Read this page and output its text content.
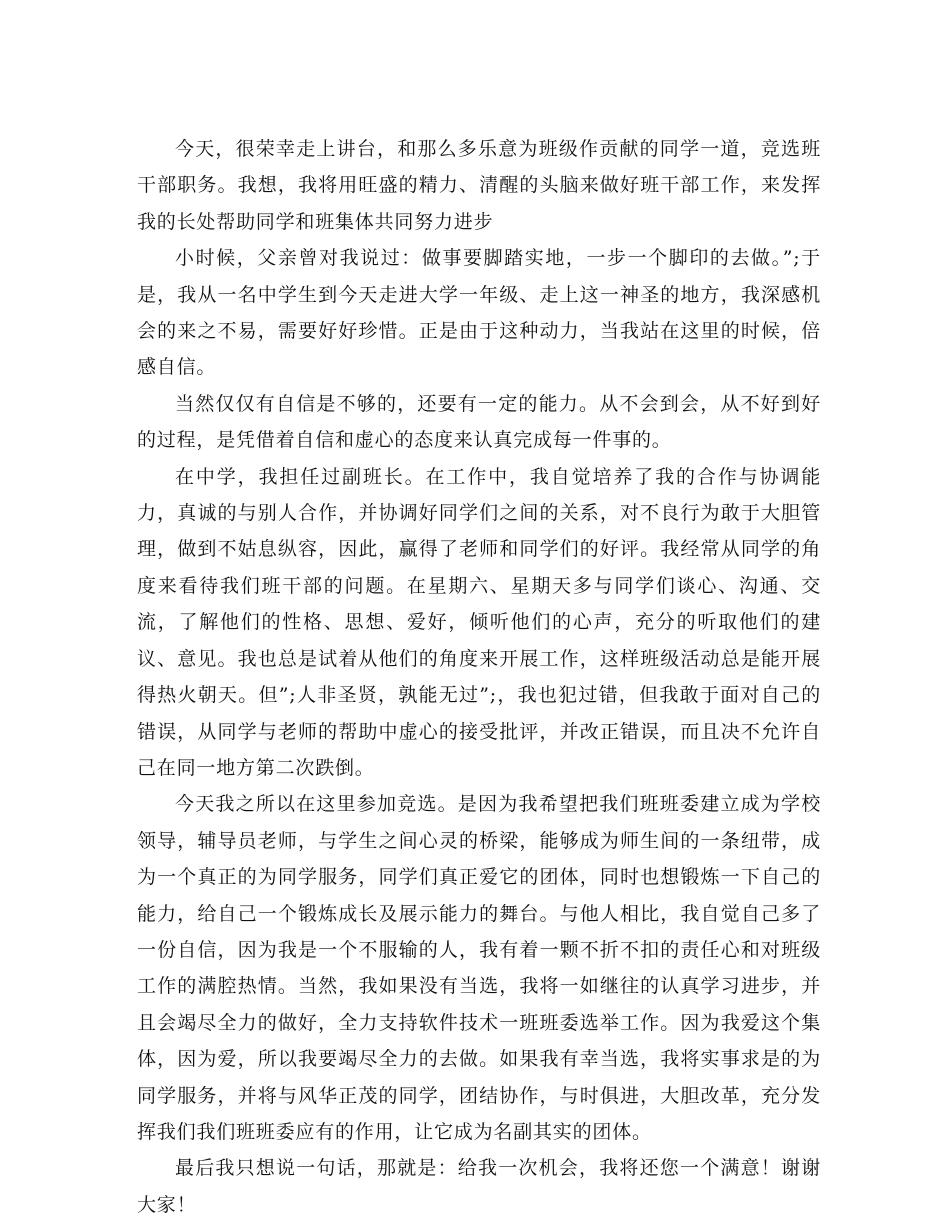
今天，很荣幸走上讲台，和那么多乐意为班级作贡献的同学一道，竞选班干部职务。我想，我将用旺盛的精力、清醒的头脑来做好班干部工作，来发挥我的长处帮助同学和班集体共同努力进步

小时候，父亲曾对我说过：做事要脚踏实地，一步一个脚印的去做。”;于是，我从一名中学生到今天走进大学一年级、走上这一神圣的地方，我深感机会的来之不易，需要好好珍惜。正是由于这种动力，当我站在这里的时候，倍感自信。

当然仅仅有自信是不够的，还要有一定的能力。从不会到会，从不好到好的过程，是凭借着自信和虚心的态度来认真完成每一件事的。

在中学，我担任过副班长。在工作中，我自觉培养了我的合作与协调能力，真诚的与别人合作，并协调好同学们之间的关系，对不良行为敢于大胆管理，做到不姑息纵容，因此，赢得了老师和同学们的好评。我经常从同学的角度来看待我们班干部的问题。在星期六、星期天多与同学们谈心、沟通、交流，了解他们的性格、思想、爱好，倾听他们的心声，充分的听取他们的建议、意见。我也总是试着从他们的角度来开展工作，这样班级活动总是能开展得热火朝天。但”;人非圣贤，孰能无过”;，我也犯过错，但我敢于面对自己的错误，从同学与老师的帮助中虚心的接受批评，并改正错误，而且决不允许自己在同一地方第二次跌倒。

今天我之所以在这里参加竞选。是因为我希望把我们班班委建立成为学校领导，辅导员老师，与学生之间心灵的桥梁，能够成为师生间的一条纽带，成为一个真正的为同学服务，同学们真正爱它的团体，同时也想锻炼一下自己的能力，给自己一个锻炼成长及展示能力的舞台。与他人相比，我自觉自己多了一份自信，因为我是一个不服输的人，我有着一颗不折不扣的责任心和对班级工作的满腔热情。当然，我如果没有当选，我将一如继往的认真学习进步，并且会竭尽全力的做好，全力支持软件技术一班班委选举工作。因为我爱这个集体，因为爱，所以我要竭尽全力的去做。如果我有幸当选，我将实事求是的为同学服务，并将与风华正茂的同学，团结协作，与时俱进，大胆改革，充分发挥我们我们班班委应有的作用，让它成为名副其实的团体。

最后我只想说一句话，那就是：给我一次机会，我将还您一个满意！谢谢大家！
